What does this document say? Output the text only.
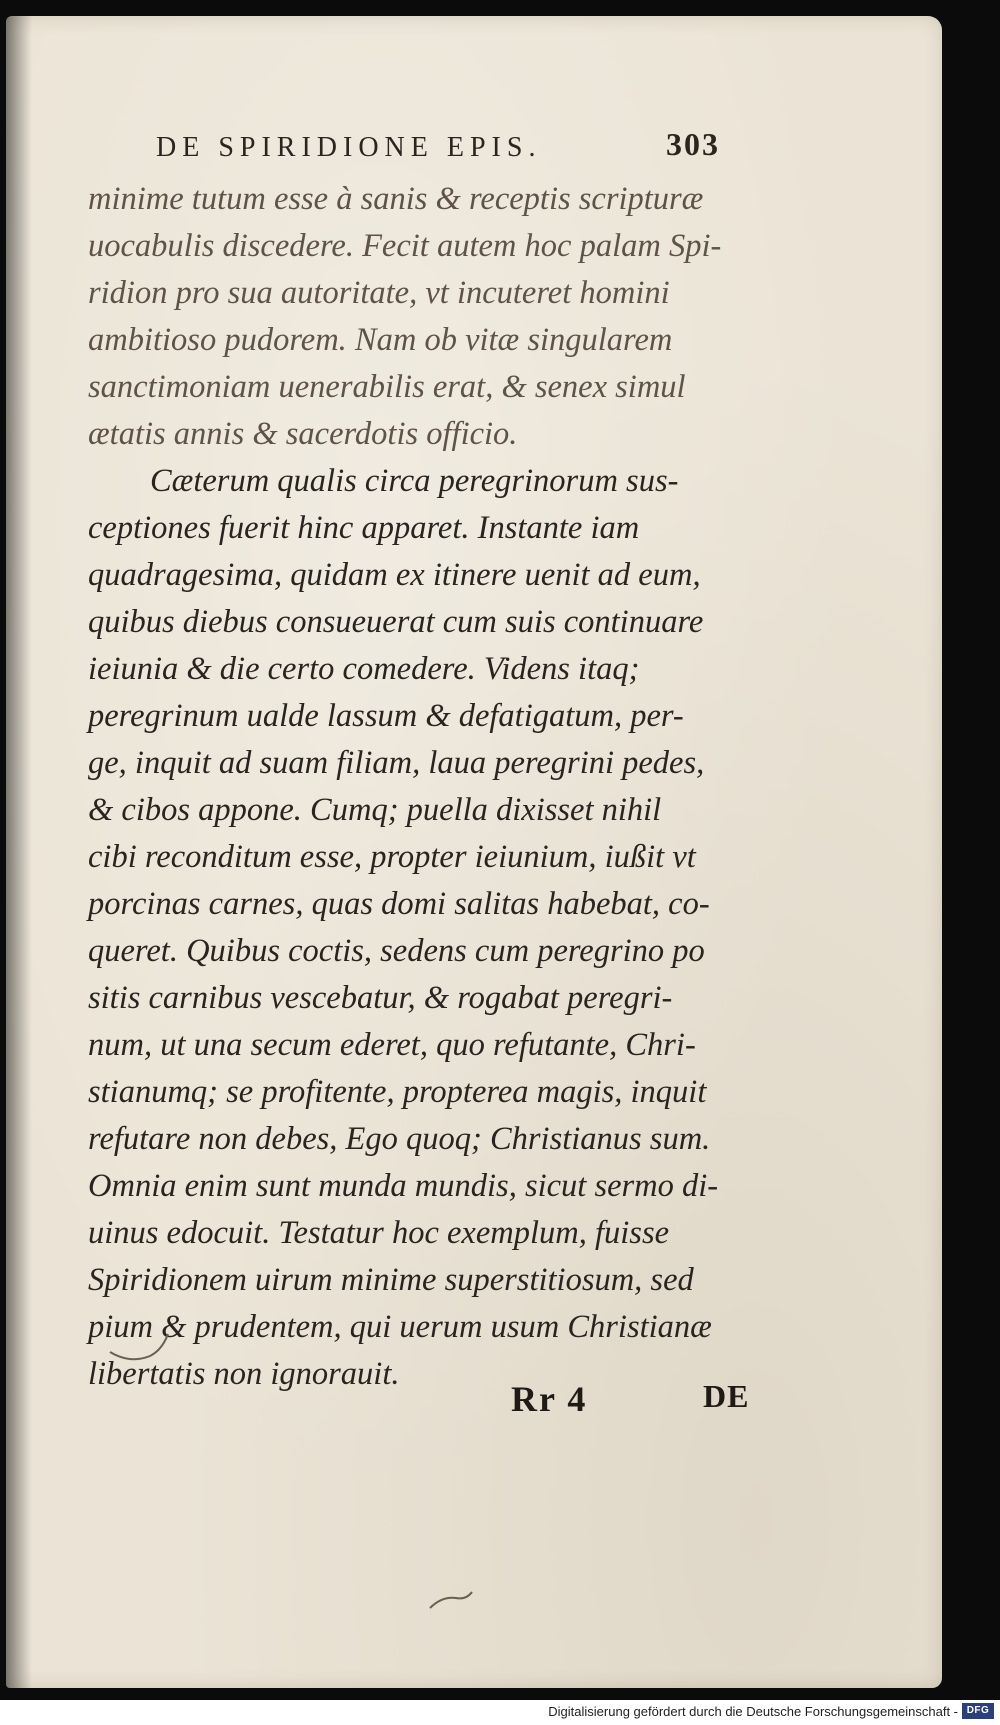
DE SPIRIDIONE EPIS.	303
minime tutum esse à sanis & receptis scripturæ
uocabulis discedere. Fecit autem hoc palam Spi-
ridion pro sua autoritate, vt incuteret homini
ambitioso pudorem. Nam ob vitæ singularem
sanctimoniam uenerabilis erat, & senex simul
ætatis annis & sacerdotis officio.
Cæterum qualis circa peregrinorum sus-
ceptiones fuerit hinc apparet. Instante iam
quadragesima, quidam ex itinere uenit ad eum,
quibus diebus consueuerat cum suis continuare
ieiunia & die certo comedere. Videns itaq;
peregrinum ualde lassum & defatigatum, per-
ge, inquit ad suam filiam, laua peregrini pedes,
& cibos appone. Cumq; puella dixisset nihil
cibi reconditum esse, propter ieiunium, iußit vt
porcinas carnes, quas domi salitas habebat, co-
queret. Quibus coctis, sedens cum peregrino po
sitis carnibus vescebatur, & rogabat peregri-
num, ut una secum ederet, quo refutante, Chri-
stianumq; se profitente, propterea magis, inquit
refutare non debes, Ego quoq; Christianus sum.
Omnia enim sunt munda mundis, sicut sermo di-
uinus edocuit. Testatur hoc exemplum, fuisse
Spiridionem uirum minime superstitiosum, sed
pium & prudentem, qui uerum usum Christianæ
libertatis non ignorauit.
Rr 4	DE
Digitalisierung gefördert durch die Deutsche Forschungsgemeinschaft - DFG
